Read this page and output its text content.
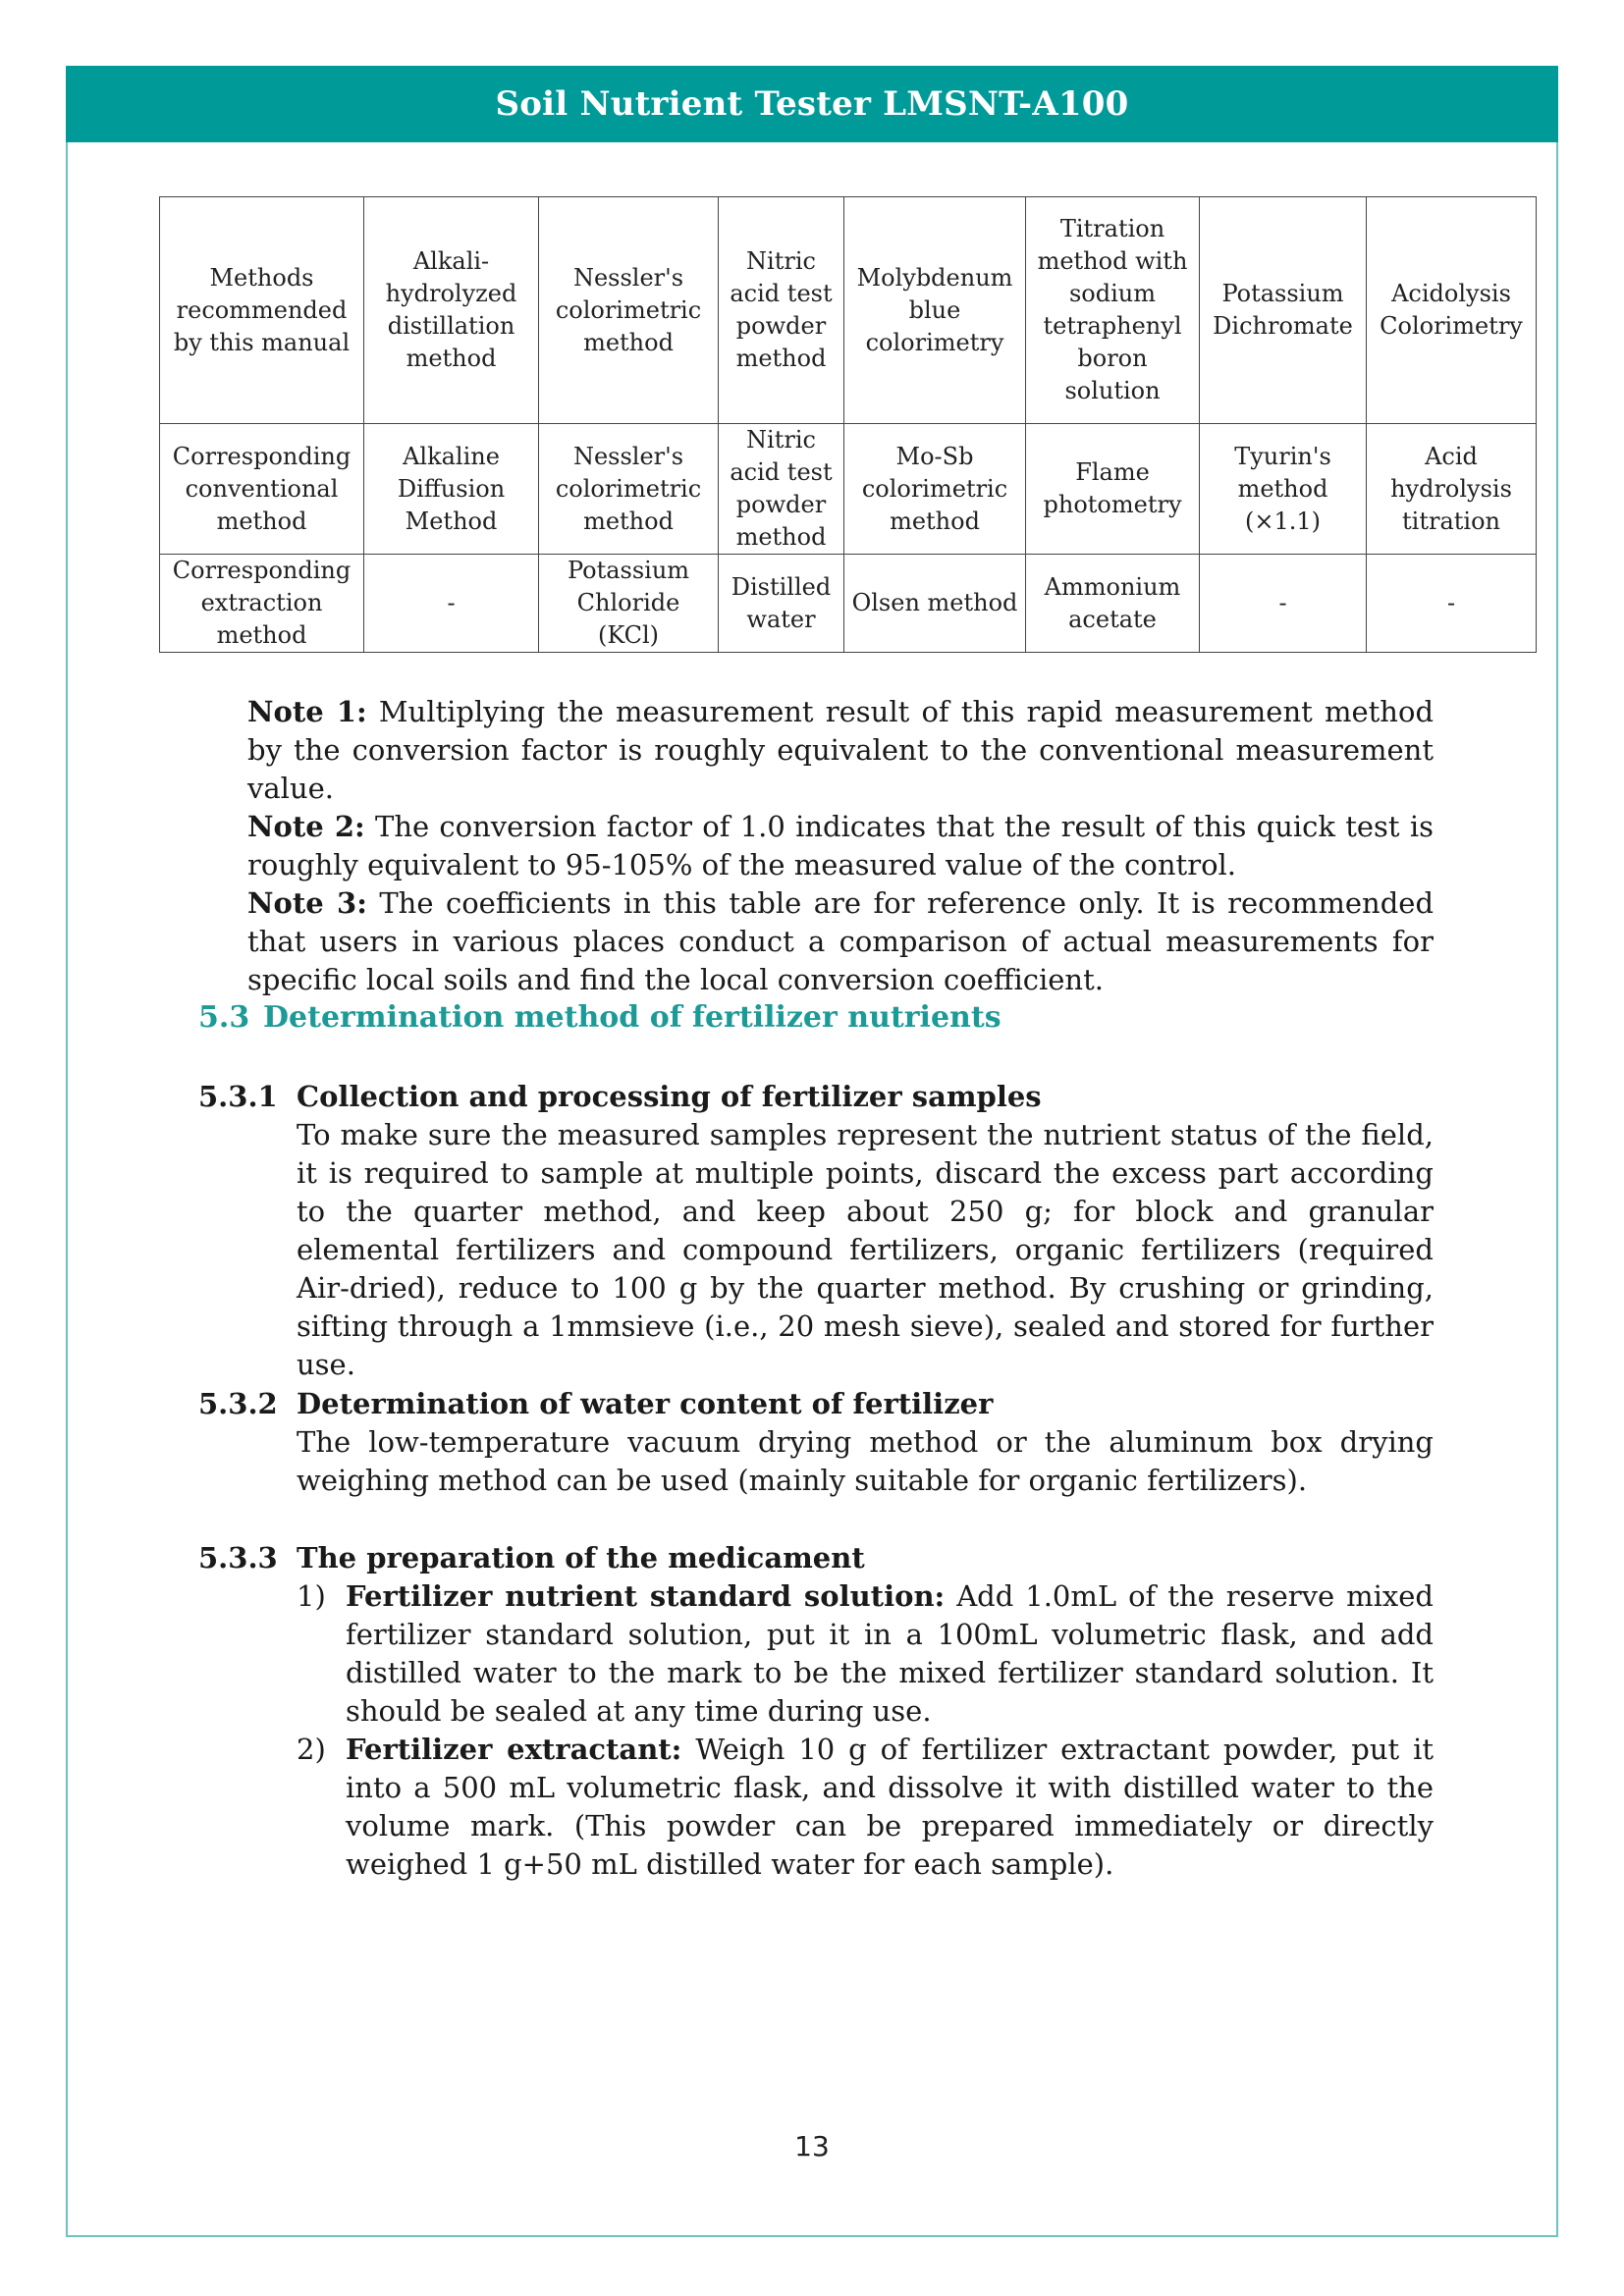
Soil Nutrient Tester LMSNT-A100
Methods recommended by this manual	Alkali-hydrolyzed distillation method	Nessler's colorimetric method	Nitric acid test powder method	Molybdenum blue colorimetry	Titration method with sodium tetraphenyl boron solution	Potassium Dichromate	Acidolysis Colorimetry
Corresponding conventional method	Alkaline Diffusion Method	Nessler's colorimetric method	Nitric acid test powder method	Mo-Sb colorimetric method	Flame photometry	Tyurin's method (×1.1)	Acid hydrolysis titration
Corresponding extraction method	-	Potassium Chloride (KCl)	Distilled water	Olsen method	Ammonium acetate	-	-

Note 1: Multiplying the measurement result of this rapid measurement method by the conversion factor is roughly equivalent to the conventional measurement value.

Note 2: The conversion factor of 1.0 indicates that the result of this quick test is roughly equivalent to 95-105% of the measured value of the control.

Note 3: The coefficients in this table are for reference only. It is recommended that users in various places conduct a comparison of actual measurements for specific local soils and find the local conversion coefficient.

5.3 Determination method of fertilizer nutrients
5.3.1 Collection and processing of fertilizer samples

To make sure the measured samples represent the nutrient status of the field, it is required to sample at multiple points, discard the excess part according to the quarter method, and keep about 250 g; for block and granular elemental fertilizers and compound fertilizers, organic fertilizers (required Air-dried), reduce to 100 g by the quarter method. By crushing or grinding, sifting through a 1mmsieve (i.e., 20 mesh sieve), sealed and stored for further use.

5.3.2 Determination of water content of fertilizer

The low-temperature vacuum drying method or the aluminum box drying weighing method can be used (mainly suitable for organic fertilizers).

5.3.3 The preparation of the medicament
1) Fertilizer nutrient standard solution: Add 1.0mL of the reserve mixed fertilizer standard solution, put it in a 100mL volumetric flask, and add distilled water to the mark to be the mixed fertilizer standard solution. It should be sealed at any time during use.
2) Fertilizer extractant: Weigh 10 g of fertilizer extractant powder, put it into a 500 mL volumetric flask, and dissolve it with distilled water to the volume mark. (This powder can be prepared immediately or directly weighed 1 g+50 mL distilled water for each sample).
13
